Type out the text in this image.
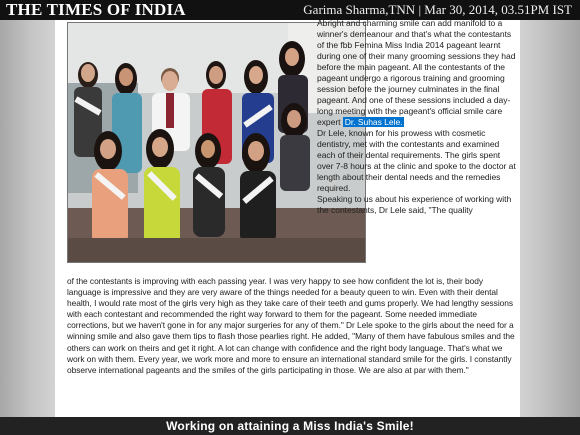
THE TIMES OF INDIA	Garima Sharma,TNN | Mar 30, 2014, 03.51PM IST

Abright and charming smile can add manifold to a winner's demeanour and that's what the contestants of the fbb Femina Miss India 2014 pageant learnt during one of their many grooming sessions they had before the main pageant. All the contestants of the pageant undergo a rigorous training and grooming session before the journey culminates in the final pageant. And one of these sessions included a day-long meeting with the pageant's official smile care expert Dr. Suhas Lele.

Dr Lele, known for his prowess with cosmetic dentistry, met with the contestants and examined each of their dental requirements. The girls spent over 7-8 hours at the clinic and spoke to the doctor at length about their dental needs and the remedies required.

Speaking to us about his experience of working with the contestants, Dr Lele said, "The quality

of the contestants is improving with each passing year. I was very happy to see how confident the lot is, their body language is impressive and they are very aware of the things needed for a beauty queen to win. Even with their dental health, I would rate most of the girls very high as they take care of their teeth and gums properly. We had lengthy sessions with each contestant and recommended the right way forward to them for the pageant. Some needed immediate corrections, but we haven't gone in for any major surgeries for any of them." Dr Lele spoke to the girls about the need for a winning smile and also gave them tips to flash those pearlies right. He added, "Many of them have fabulous smiles and the others can work on theirs and get it right. A lot can change with confidence and the right body language. That's what we work on with them. Every year, we work more and more to ensure an international standard smile for the girls. I constantly observe international pageants and the smiles of the girls participating in those. We are also at par with them."
Working on attaining a Miss India's Smile!
